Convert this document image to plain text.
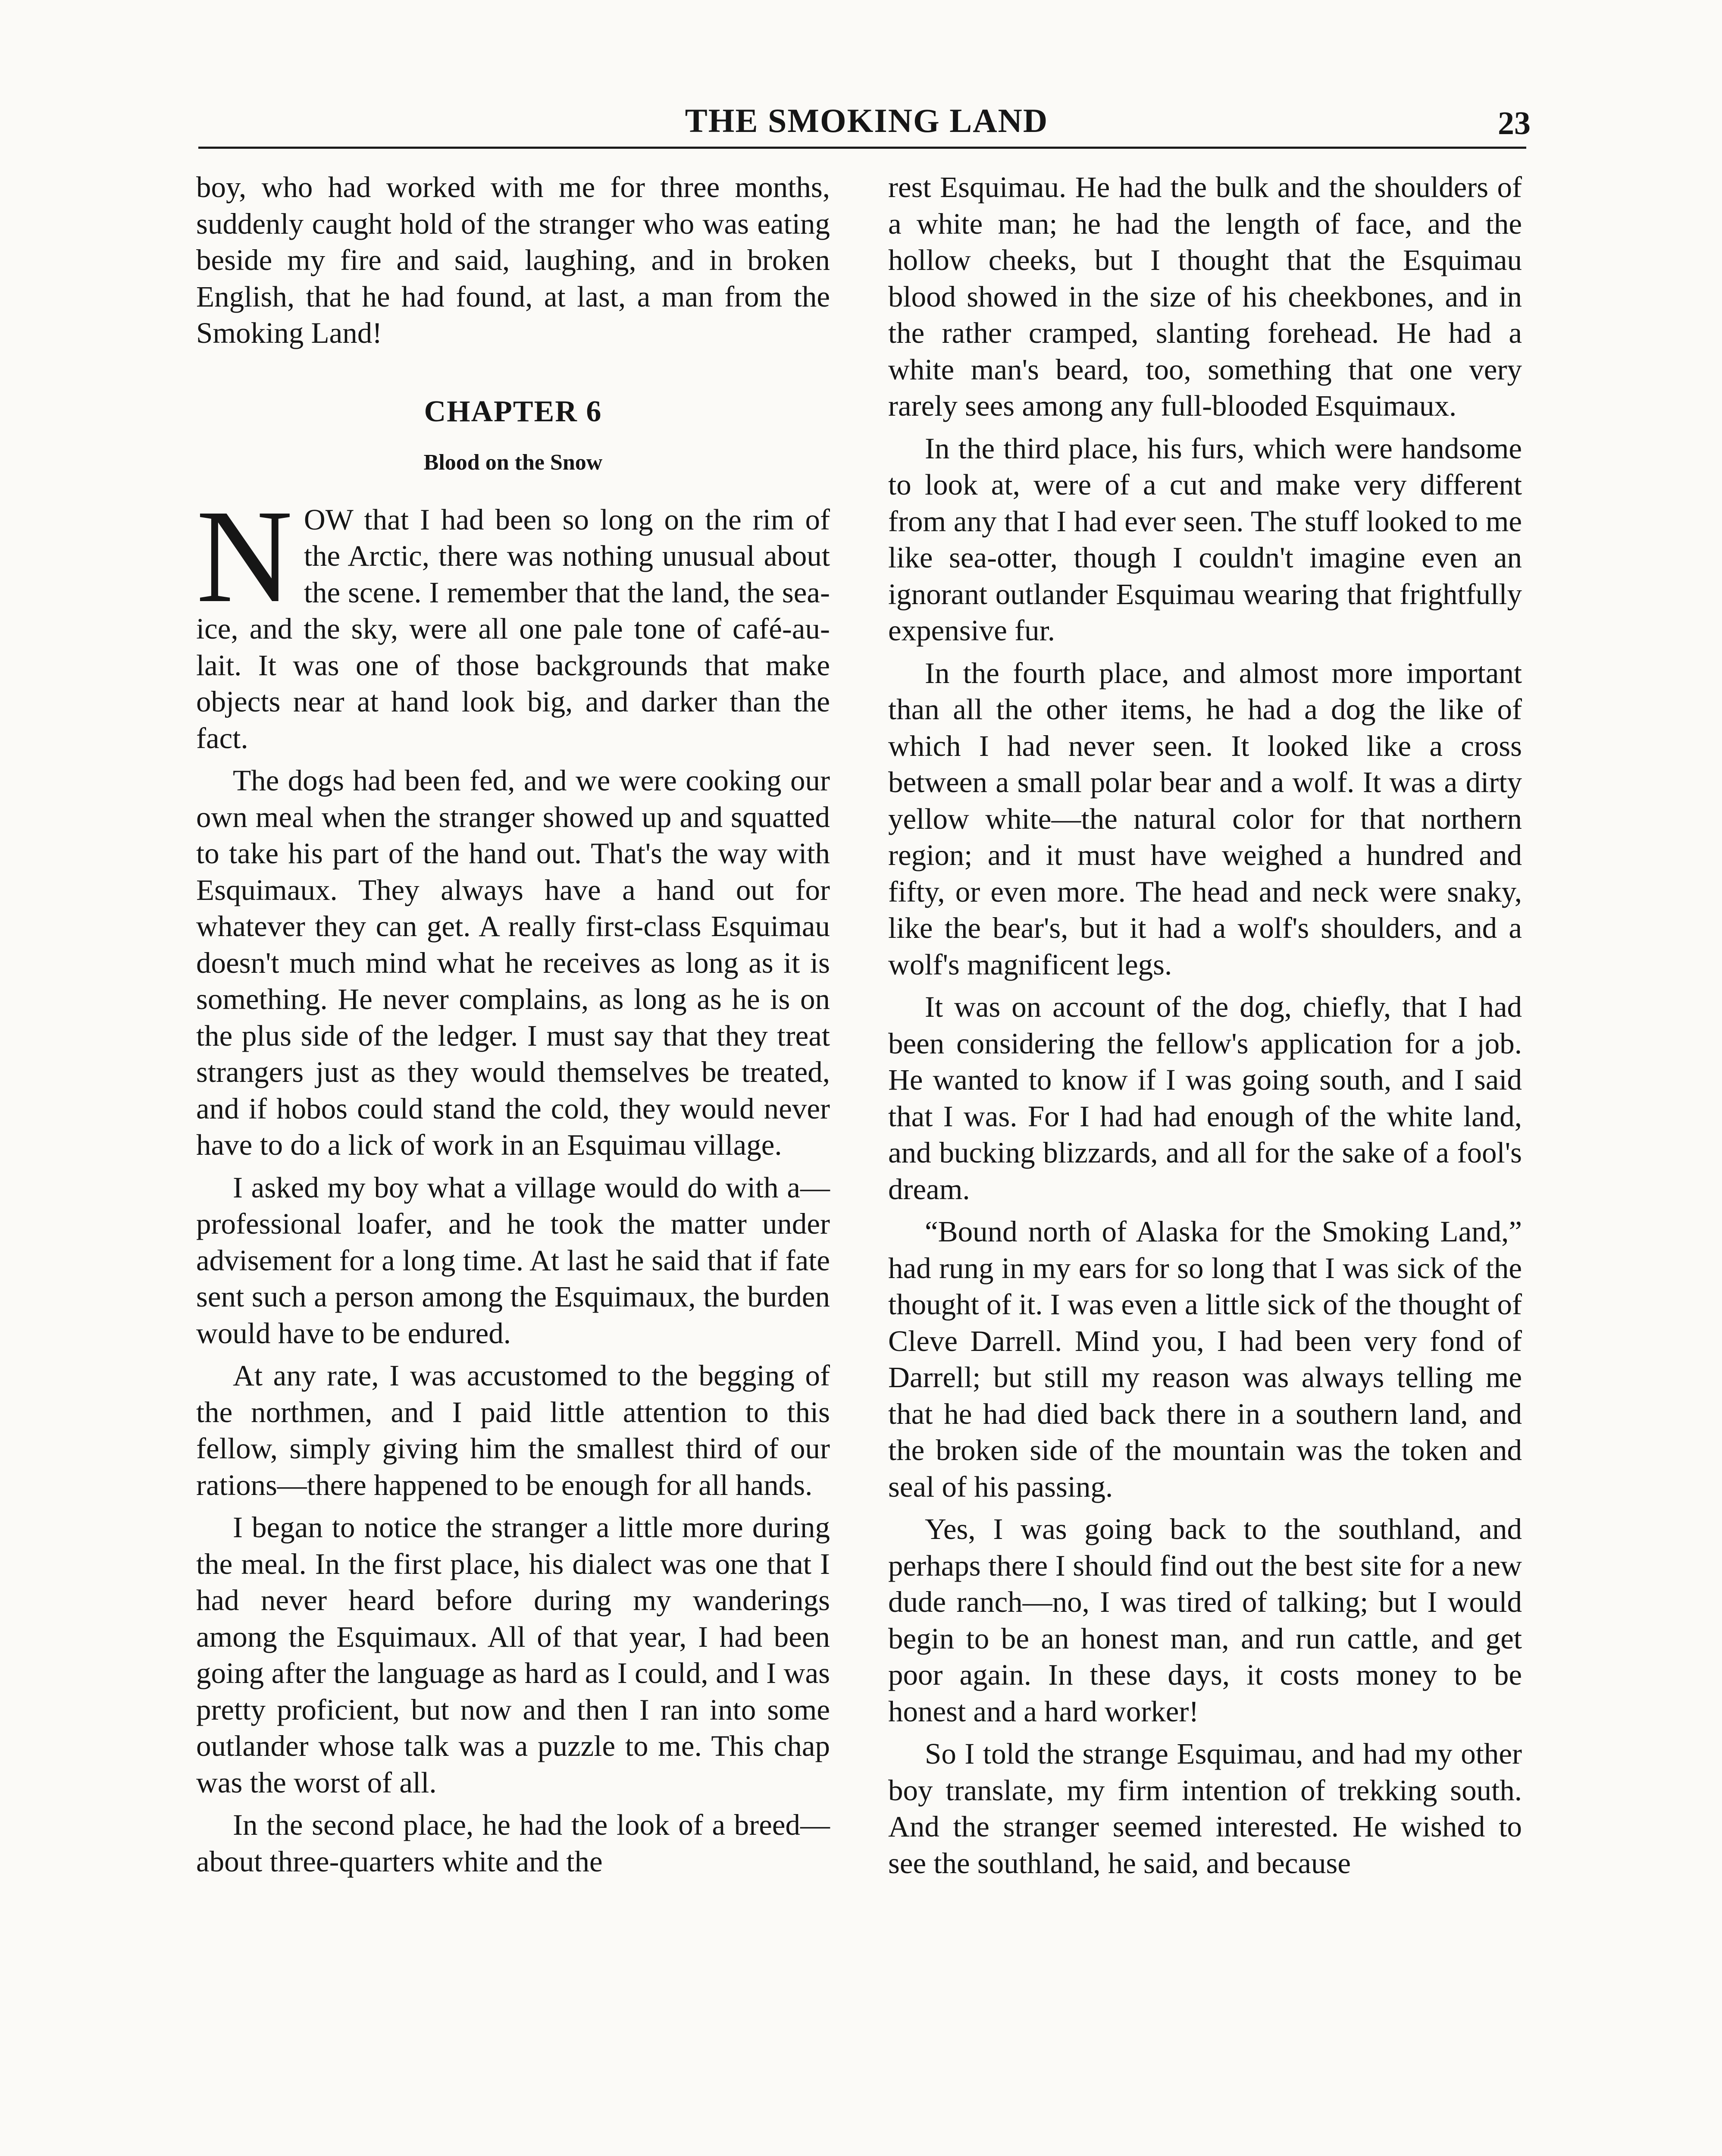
THE SMOKING LAND	23

boy, who had worked with me for three months, suddenly caught hold of the stranger who was eating beside my fire and said, laughing, and in broken English, that he had found, at last, a man from the Smoking Land!

CHAPTER 6
Blood on the Snow

NOW that I had been so long on the rim of the Arctic, there was nothing unusual about the scene. I remember that the land, the sea-ice, and the sky, were all one pale tone of café-au-lait. It was one of those backgrounds that make objects near at hand look big, and darker than the fact.

The dogs had been fed, and we were cooking our own meal when the stranger showed up and squatted to take his part of the hand out. That's the way with Esquimaux. They always have a hand out for whatever they can get. A really first-class Esquimau doesn't much mind what he receives as long as it is something. He never complains, as long as he is on the plus side of the ledger. I must say that they treat strangers just as they would themselves be treated, and if hobos could stand the cold, they would never have to do a lick of work in an Esquimau village.

I asked my boy what a village would do with a— professional loafer, and he took the matter under advisement for a long time. At last he said that if fate sent such a person among the Esquimaux, the burden would have to be endured.

At any rate, I was accustomed to the begging of the northmen, and I paid little attention to this fellow, simply giving him the smallest third of our rations—there happened to be enough for all hands.

I began to notice the stranger a little more during the meal. In the first place, his dialect was one that I had never heard before during my wanderings among the Esquimaux. All of that year, I had been going after the language as hard as I could, and I was pretty proficient, but now and then I ran into some outlander whose talk was a puzzle to me. This chap was the worst of all.

In the second place, he had the look of a breed—about three-quarters white and the

rest Esquimau. He had the bulk and the shoulders of a white man; he had the length of face, and the hollow cheeks, but I thought that the Esquimau blood showed in the size of his cheekbones, and in the rather cramped, slanting forehead. He had a white man's beard, too, something that one very rarely sees among any full-blooded Esquimaux.

In the third place, his furs, which were handsome to look at, were of a cut and make very different from any that I had ever seen. The stuff looked to me like sea-otter, though I couldn't imagine even an ignorant outlander Esquimau wearing that frightfully expensive fur.

In the fourth place, and almost more important than all the other items, he had a dog the like of which I had never seen. It looked like a cross between a small polar bear and a wolf. It was a dirty yellow white—the natural color for that northern region; and it must have weighed a hundred and fifty, or even more. The head and neck were snaky, like the bear's, but it had a wolf's shoulders, and a wolf's magnificent legs.

It was on account of the dog, chiefly, that I had been considering the fellow's application for a job. He wanted to know if I was going south, and I said that I was. For I had had enough of the white land, and bucking blizzards, and all for the sake of a fool's dream.

“Bound north of Alaska for the Smoking Land,” had rung in my ears for so long that I was sick of the thought of it. I was even a little sick of the thought of Cleve Darrell. Mind you, I had been very fond of Darrell; but still my reason was always telling me that he had died back there in a southern land, and the broken side of the mountain was the token and seal of his passing.

Yes, I was going back to the southland, and perhaps there I should find out the best site for a new dude ranch—no, I was tired of talking; but I would begin to be an honest man, and run cattle, and get poor again. In these days, it costs money to be honest and a hard worker!

So I told the strange Esquimau, and had my other boy translate, my firm intention of trekking south. And the stranger seemed interested. He wished to see the southland, he said, and because
